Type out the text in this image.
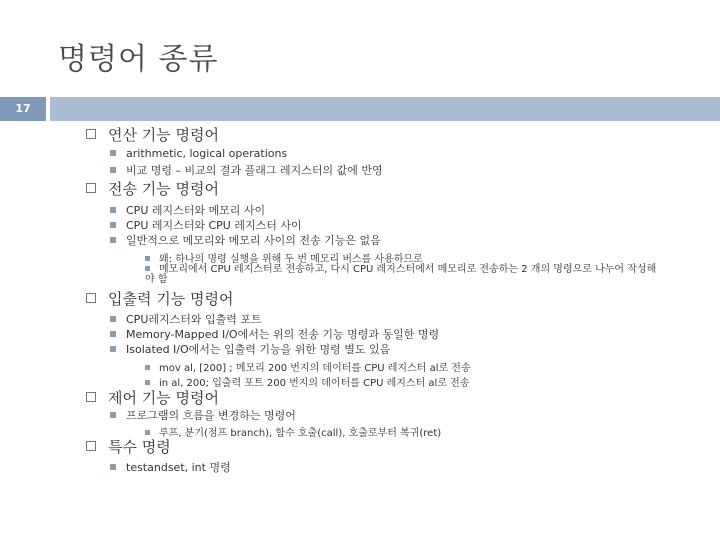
명령어 종류
17
연산 기능 명령어
arithmetic, logical operations
비교 명령 – 비교의 결과 플래그 레지스터의 값에 반영
전송 기능 명령어
CPU 레지스터와 메모리 사이
CPU 레지스터와 CPU 레지스터 사이
일반적으로 메모리와 메모리 사이의 전송 기능은 없음
왜: 하나의 명령 실행을 위해 두 번 메모리 버스를 사용하므로
메모리에서 CPU 레지스터로 전송하고, 다시 CPU 레지스터에서 메모리로 전송하는 2 개의 명령으로 나누어 작성해야 함
입출력 기능 명령어
CPU레지스터와 입출력 포트
Memory-Mapped I/O에서는 위의 전송 기능 명령과 동일한 명령
Isolated I/O에서는 입출력 기능을 위한 명령 별도 있음
mov al, [200] ; 메모리 200 번지의 데이터를 CPU 레지스터 al로 전송
in al, 200; 입출력 포트 200 번지의 데이터를 CPU 레지스터 al로 전송
제어 기능 명령어
프로그램의 흐름을 변경하는 명령어
루프, 분기(점프 branch), 함수 호출(call), 호출로부터 복귀(ret)
특수 명령
testandset, int 명령
